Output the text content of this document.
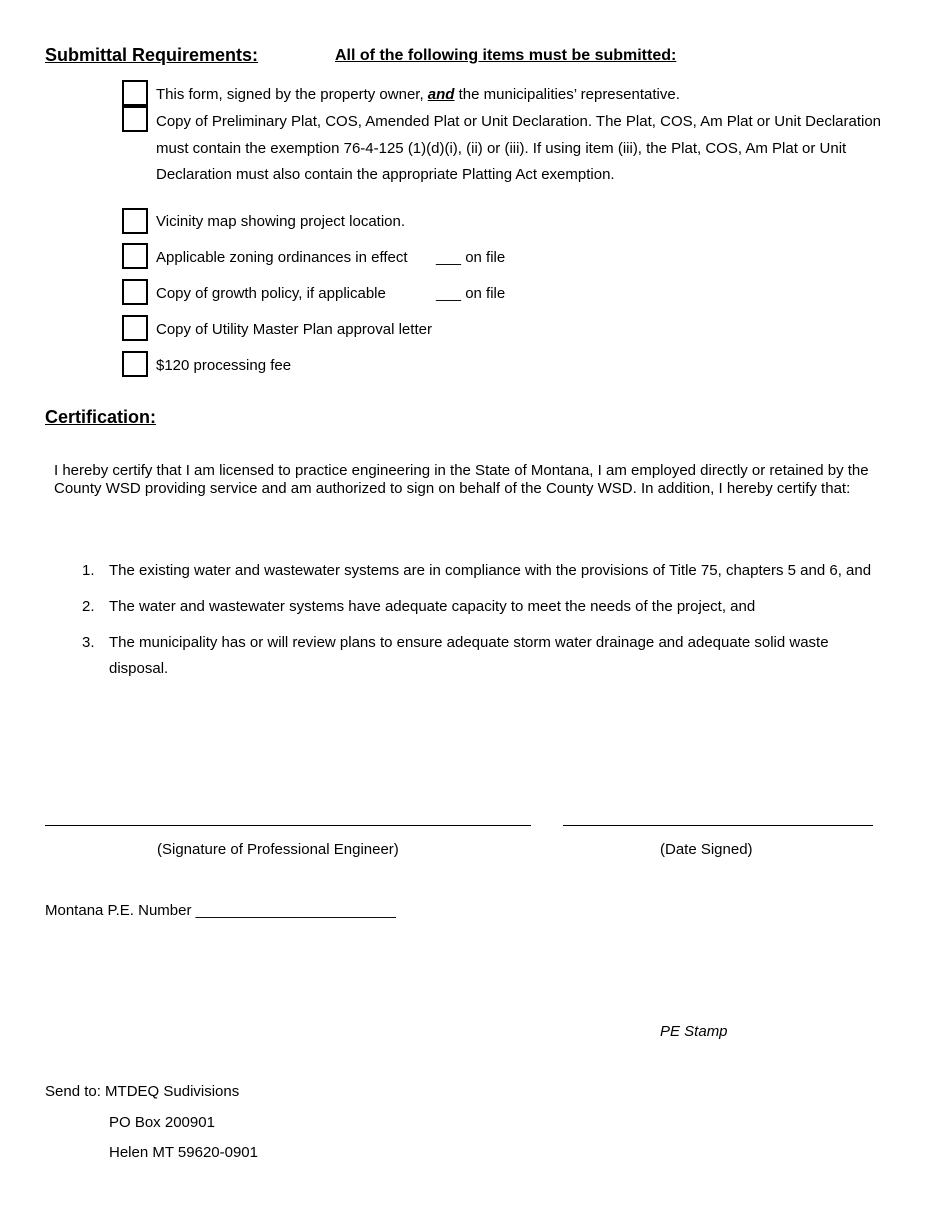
Submittal Requirements:	All of the following items must be submitted:
This form, signed by the property owner, and the municipalities’ representative.
Copy of Preliminary Plat, COS, Amended Plat or Unit Declaration. The Plat, COS, Am Plat or Unit Declaration must contain the exemption 76-4-125 (1)(d)(i), (ii) or (iii). If using item (iii), the Plat, COS, Am Plat or Unit Declaration must also contain the appropriate Platting Act exemption.
Vicinity map showing project location.
Applicable zoning ordinances in effect ___ on file
Copy of growth policy, if applicable	___ on file
Copy of Utility Master Plan approval letter
$120 processing fee
Certification:
I hereby certify that I am licensed to practice engineering in the State of Montana, I am employed directly or retained by the County WSD providing service and am authorized to sign on behalf of the County WSD. In addition, I hereby certify that:
1. The existing water and wastewater systems are in compliance with the provisions of Title 75, chapters 5 and 6, and
2. The water and wastewater systems have adequate capacity to meet the needs of the project, and
3. The municipality has or will review plans to ensure adequate storm water drainage and adequate solid waste disposal.
(Signature of Professional Engineer)	(Date Signed)
Montana P.E. Number ________________________
PE Stamp
Send to: MTDEQ Sudivisions
PO Box 200901
Helen MT 59620-0901
